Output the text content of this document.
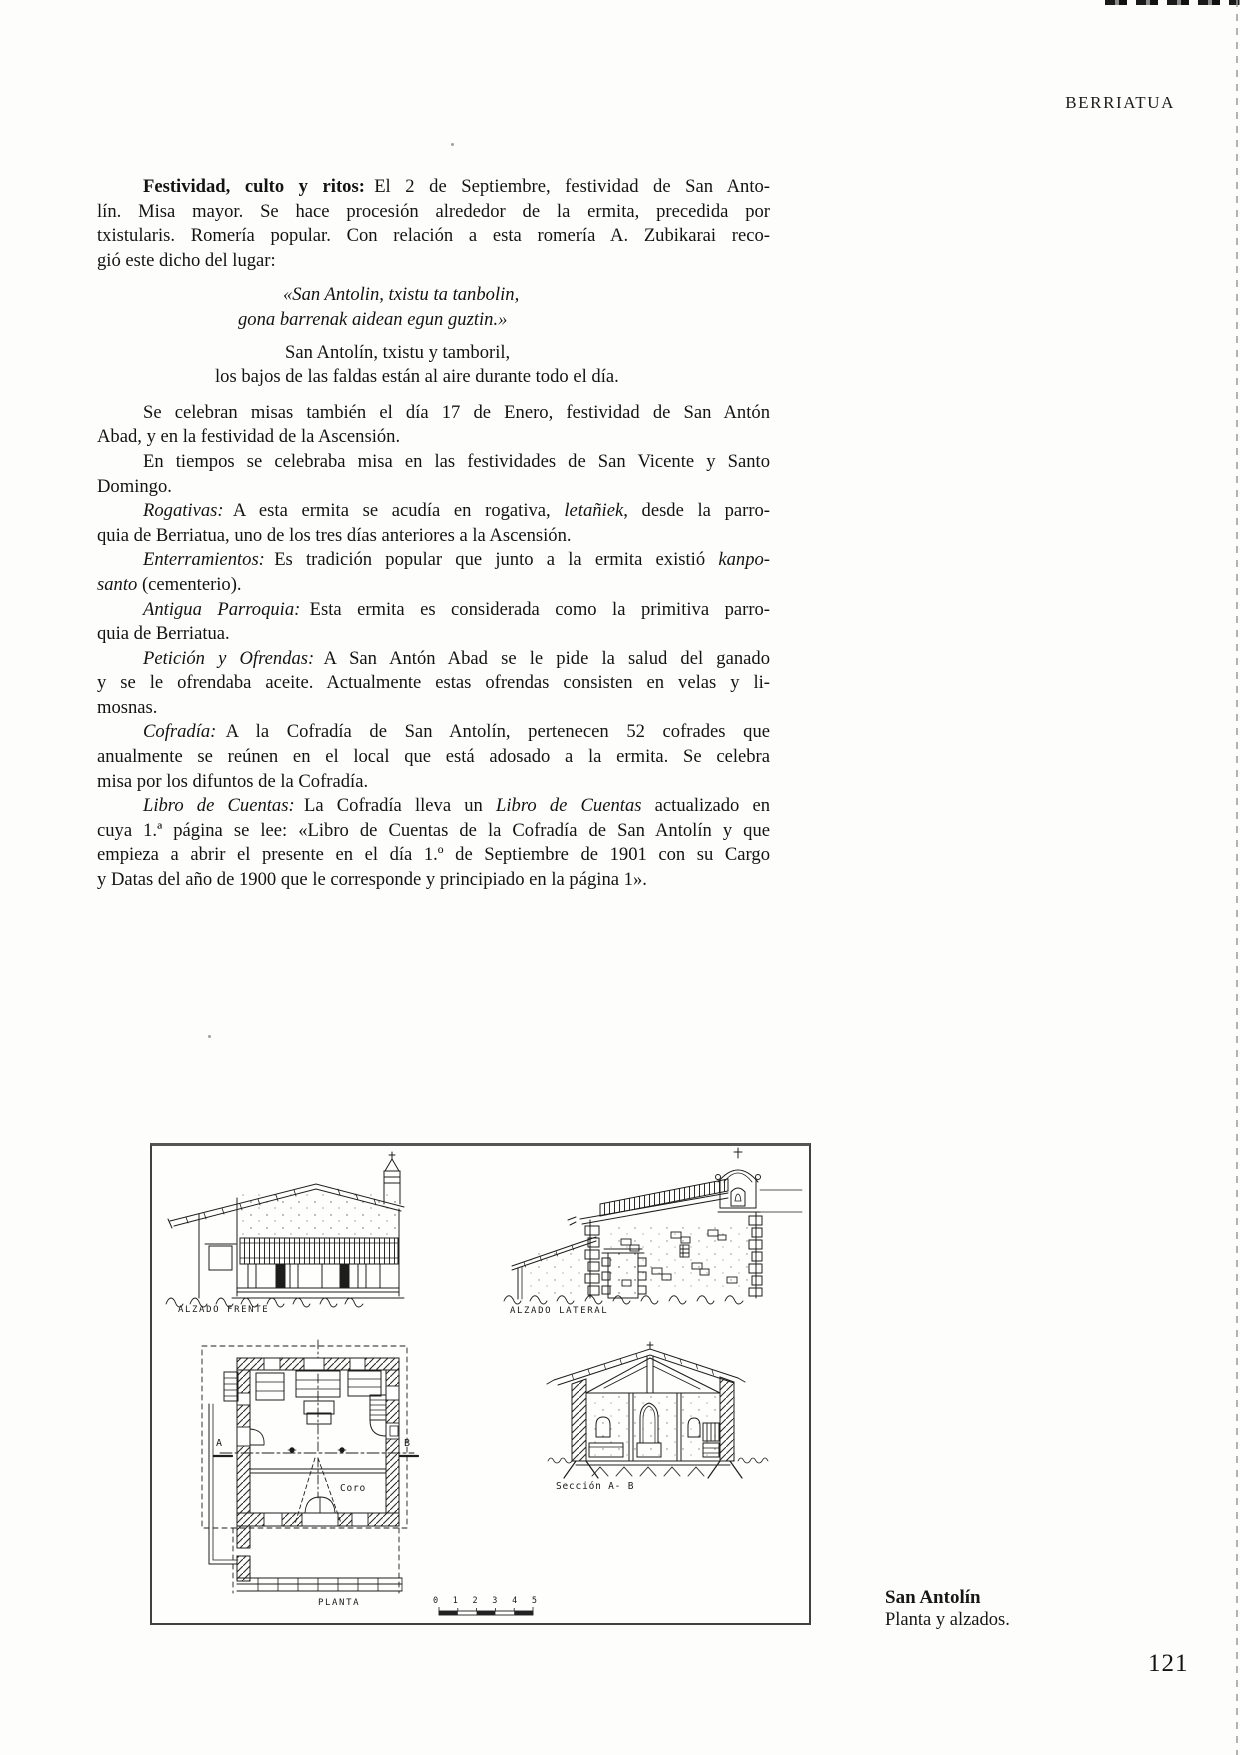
BERRIATUA
Festividad, culto y ritos: El 2 de Septiembre, festividad de San Anto-
lín. Misa mayor. Se hace procesión alrededor de la ermita, precedida por
txistularis. Romería popular. Con relación a esta romería A. Zubikarai reco-
gió este dicho del lugar:
«San Antolin, txistu ta tanbolin,
gona barrenak aidean egun guztin.»
San Antolín, txistu y tamboril,
los bajos de las faldas están al aire durante todo el día.
Se celebran misas también el día 17 de Enero, festividad de San Antón
Abad, y en la festividad de la Ascensión.
En tiempos se celebraba misa en las festividades de San Vicente y Santo
Domingo.
Rogativas: A esta ermita se acudía en rogativa, letañiek, desde la parro-
quia de Berriatua, uno de los tres días anteriores a la Ascensión.
Enterramientos: Es tradición popular que junto a la ermita existió kanpo-
santo (cementerio).
Antigua Parroquia: Esta ermita es considerada como la primitiva parro-
quia de Berriatua.
Petición y Ofrendas: A San Antón Abad se le pide la salud del ganado
y se le ofrendaba aceite. Actualmente estas ofrendas consisten en velas y li-
mosnas.
Cofradía: A la Cofradía de San Antolín, pertenecen 52 cofrades que
anualmente se reúnen en el local que está adosado a la ermita. Se celebra
misa por los difuntos de la Cofradía.
Libro de Cuentas: La Cofradía lleva un Libro de Cuentas actualizado en
cuya 1.ª página se lee: «Libro de Cuentas de la Cofradía de San Antolín y que
empieza a abrir el presente en el día 1.º de Septiembre de 1901 con su Cargo
y Datas del año de 1900 que le corresponde y principiado en la página 1».
ALZADO FRENTE	ALZADO LATERAL
PLANTA
Sección A- B
Coro
A	B
0 1 2 3 4 5	San Antolín
Planta y alzados.
121
